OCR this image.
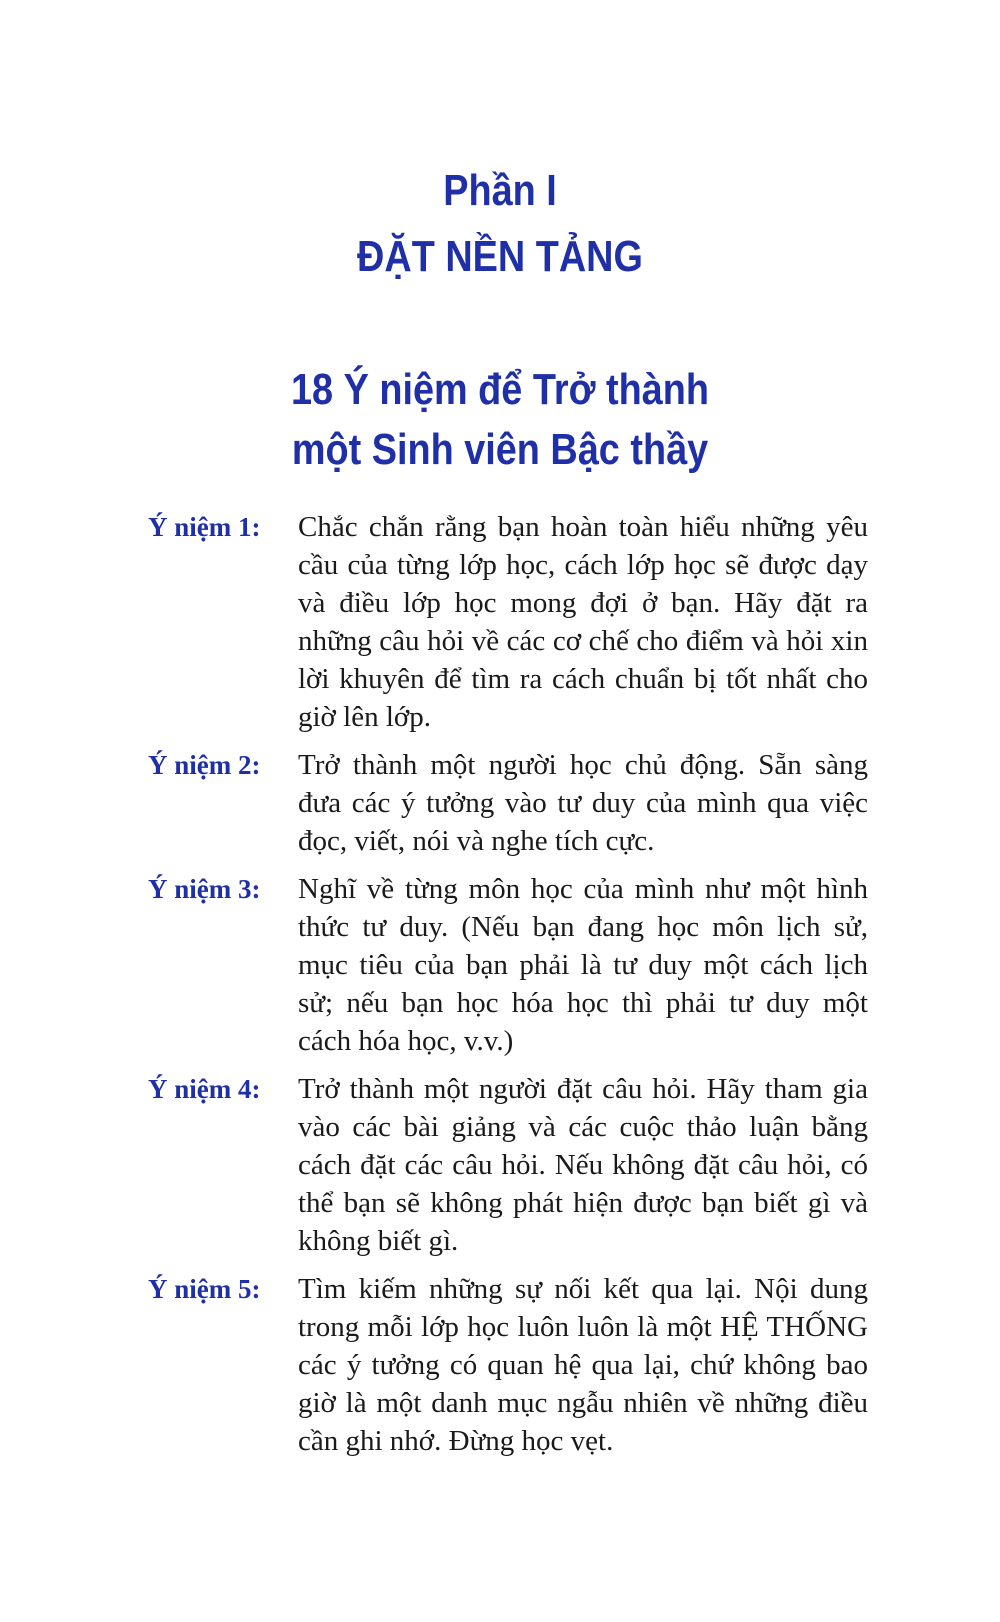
Phần I
ĐẶT NỀN TẢNG
18 Ý niệm để Trở thành
một Sinh viên Bậc thầy
Ý niệm 1:	Chắc chắn rằng bạn hoàn toàn hiểu những yêu cầu của từng lớp học, cách lớp học sẽ được dạy và điều lớp học mong đợi ở bạn. Hãy đặt ra những câu hỏi về các cơ chế cho điểm và hỏi xin lời khuyên để tìm ra cách chuẩn bị tốt nhất cho giờ lên lớp.
Ý niệm 2:	Trở thành một người học chủ động. Sẵn sàng đưa các ý tưởng vào tư duy của mình qua việc đọc, viết, nói và nghe tích cực.
Ý niệm 3:	Nghĩ về từng môn học của mình như một hình thức tư duy. (Nếu bạn đang học môn lịch sử, mục tiêu của bạn phải là tư duy một cách lịch sử; nếu bạn học hóa học thì phải tư duy một cách hóa học, v.v.)
Ý niệm 4:	Trở thành một người đặt câu hỏi. Hãy tham gia vào các bài giảng và các cuộc thảo luận bằng cách đặt các câu hỏi. Nếu không đặt câu hỏi, có thể bạn sẽ không phát hiện được bạn biết gì và không biết gì.
Ý niệm 5:	Tìm kiếm những sự nối kết qua lại. Nội dung trong mỗi lớp học luôn luôn là một HỆ THỐNG các ý tưởng có quan hệ qua lại, chứ không bao giờ là một danh mục ngẫu nhiên về những điều cần ghi nhớ. Đừng học vẹt.
